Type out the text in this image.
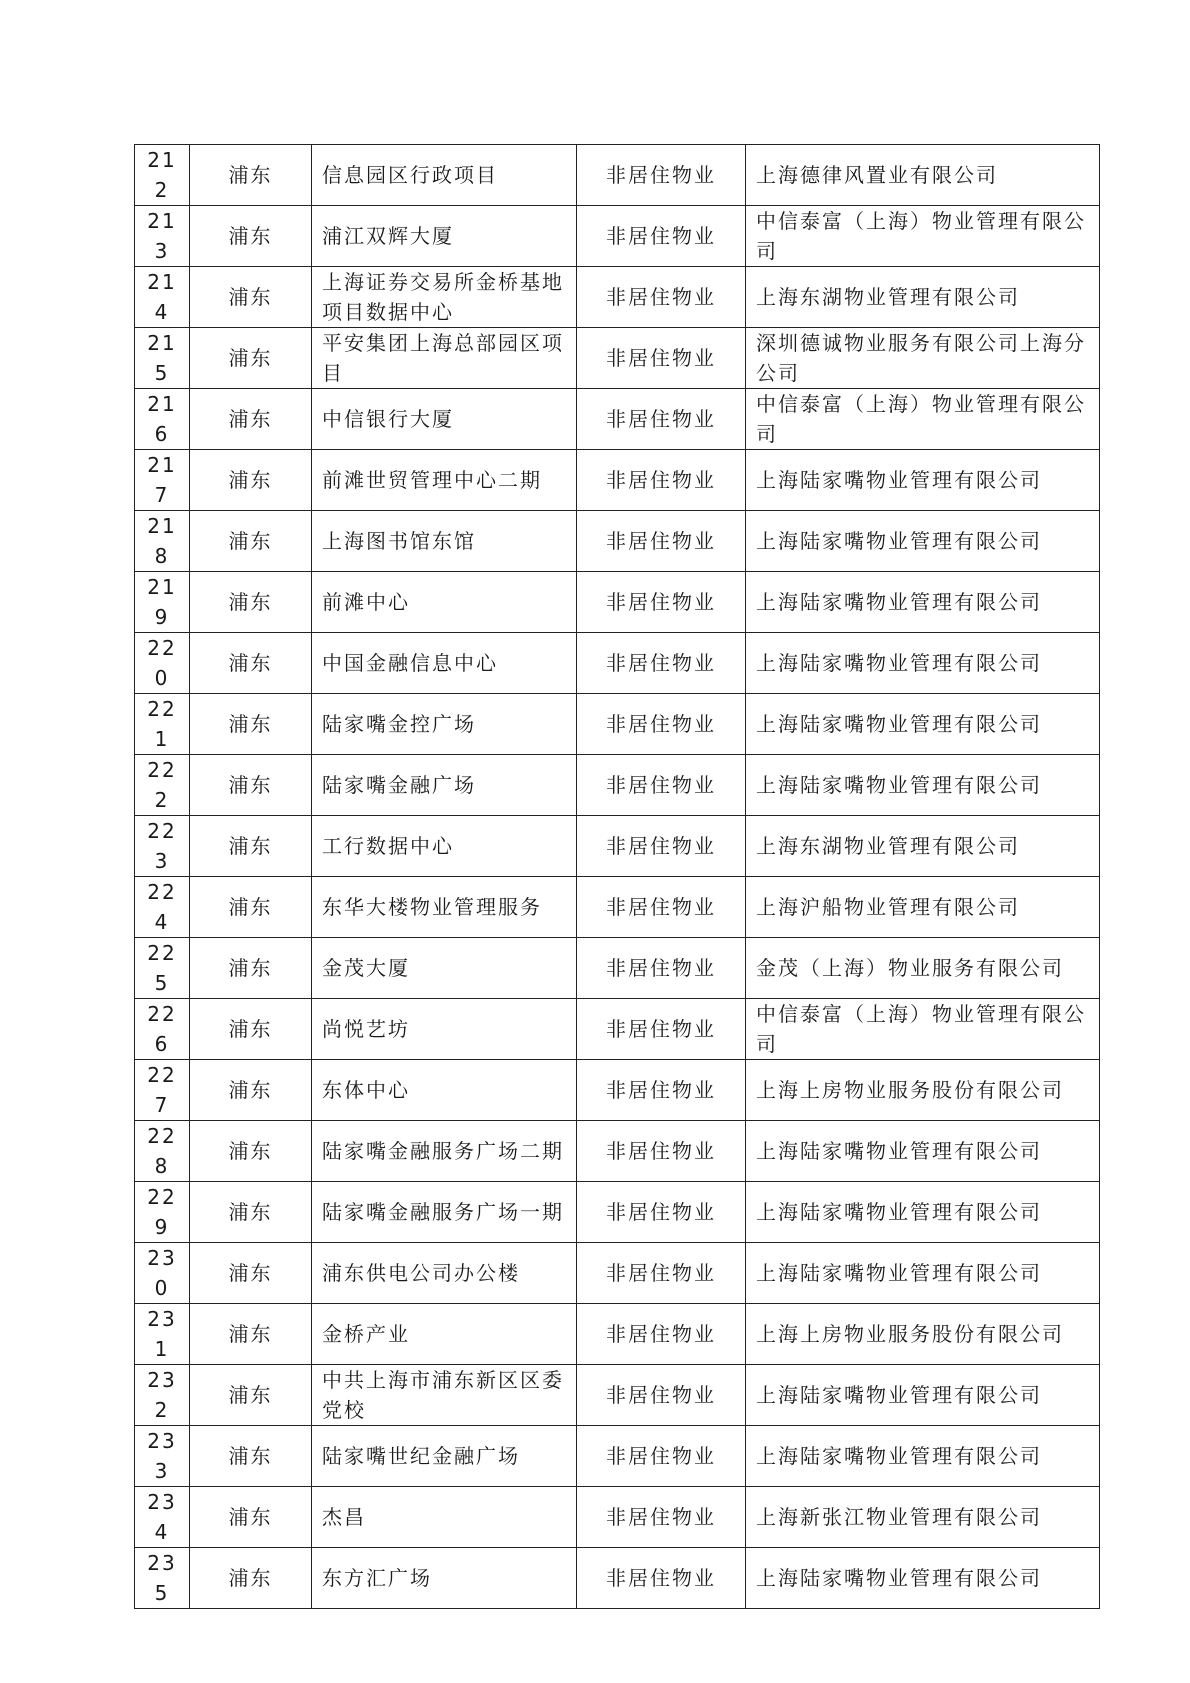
212	浦东	信息园区行政项目	非居住物业	上海德律风置业有限公司
213	浦东	浦江双辉大厦	非居住物业	中信泰富（上海）物业管理有限公司
214	浦东	上海证券交易所金桥基地项目数据中心	非居住物业	上海东湖物业管理有限公司
215	浦东	平安集团上海总部园区项目	非居住物业	深圳德诚物业服务有限公司上海分公司
216	浦东	中信银行大厦	非居住物业	中信泰富（上海）物业管理有限公司
217	浦东	前滩世贸管理中心二期	非居住物业	上海陆家嘴物业管理有限公司
218	浦东	上海图书馆东馆	非居住物业	上海陆家嘴物业管理有限公司
219	浦东	前滩中心	非居住物业	上海陆家嘴物业管理有限公司
220	浦东	中国金融信息中心	非居住物业	上海陆家嘴物业管理有限公司
221	浦东	陆家嘴金控广场	非居住物业	上海陆家嘴物业管理有限公司
222	浦东	陆家嘴金融广场	非居住物业	上海陆家嘴物业管理有限公司
223	浦东	工行数据中心	非居住物业	上海东湖物业管理有限公司
224	浦东	东华大楼物业管理服务	非居住物业	上海沪船物业管理有限公司
225	浦东	金茂大厦	非居住物业	金茂（上海）物业服务有限公司
226	浦东	尚悦艺坊	非居住物业	中信泰富（上海）物业管理有限公司
227	浦东	东体中心	非居住物业	上海上房物业服务股份有限公司
228	浦东	陆家嘴金融服务广场二期	非居住物业	上海陆家嘴物业管理有限公司
229	浦东	陆家嘴金融服务广场一期	非居住物业	上海陆家嘴物业管理有限公司
230	浦东	浦东供电公司办公楼	非居住物业	上海陆家嘴物业管理有限公司
231	浦东	金桥产业	非居住物业	上海上房物业服务股份有限公司
232	浦东	中共上海市浦东新区区委党校	非居住物业	上海陆家嘴物业管理有限公司
233	浦东	陆家嘴世纪金融广场	非居住物业	上海陆家嘴物业管理有限公司
234	浦东	杰昌	非居住物业	上海新张江物业管理有限公司
235	浦东	东方汇广场	非居住物业	上海陆家嘴物业管理有限公司
